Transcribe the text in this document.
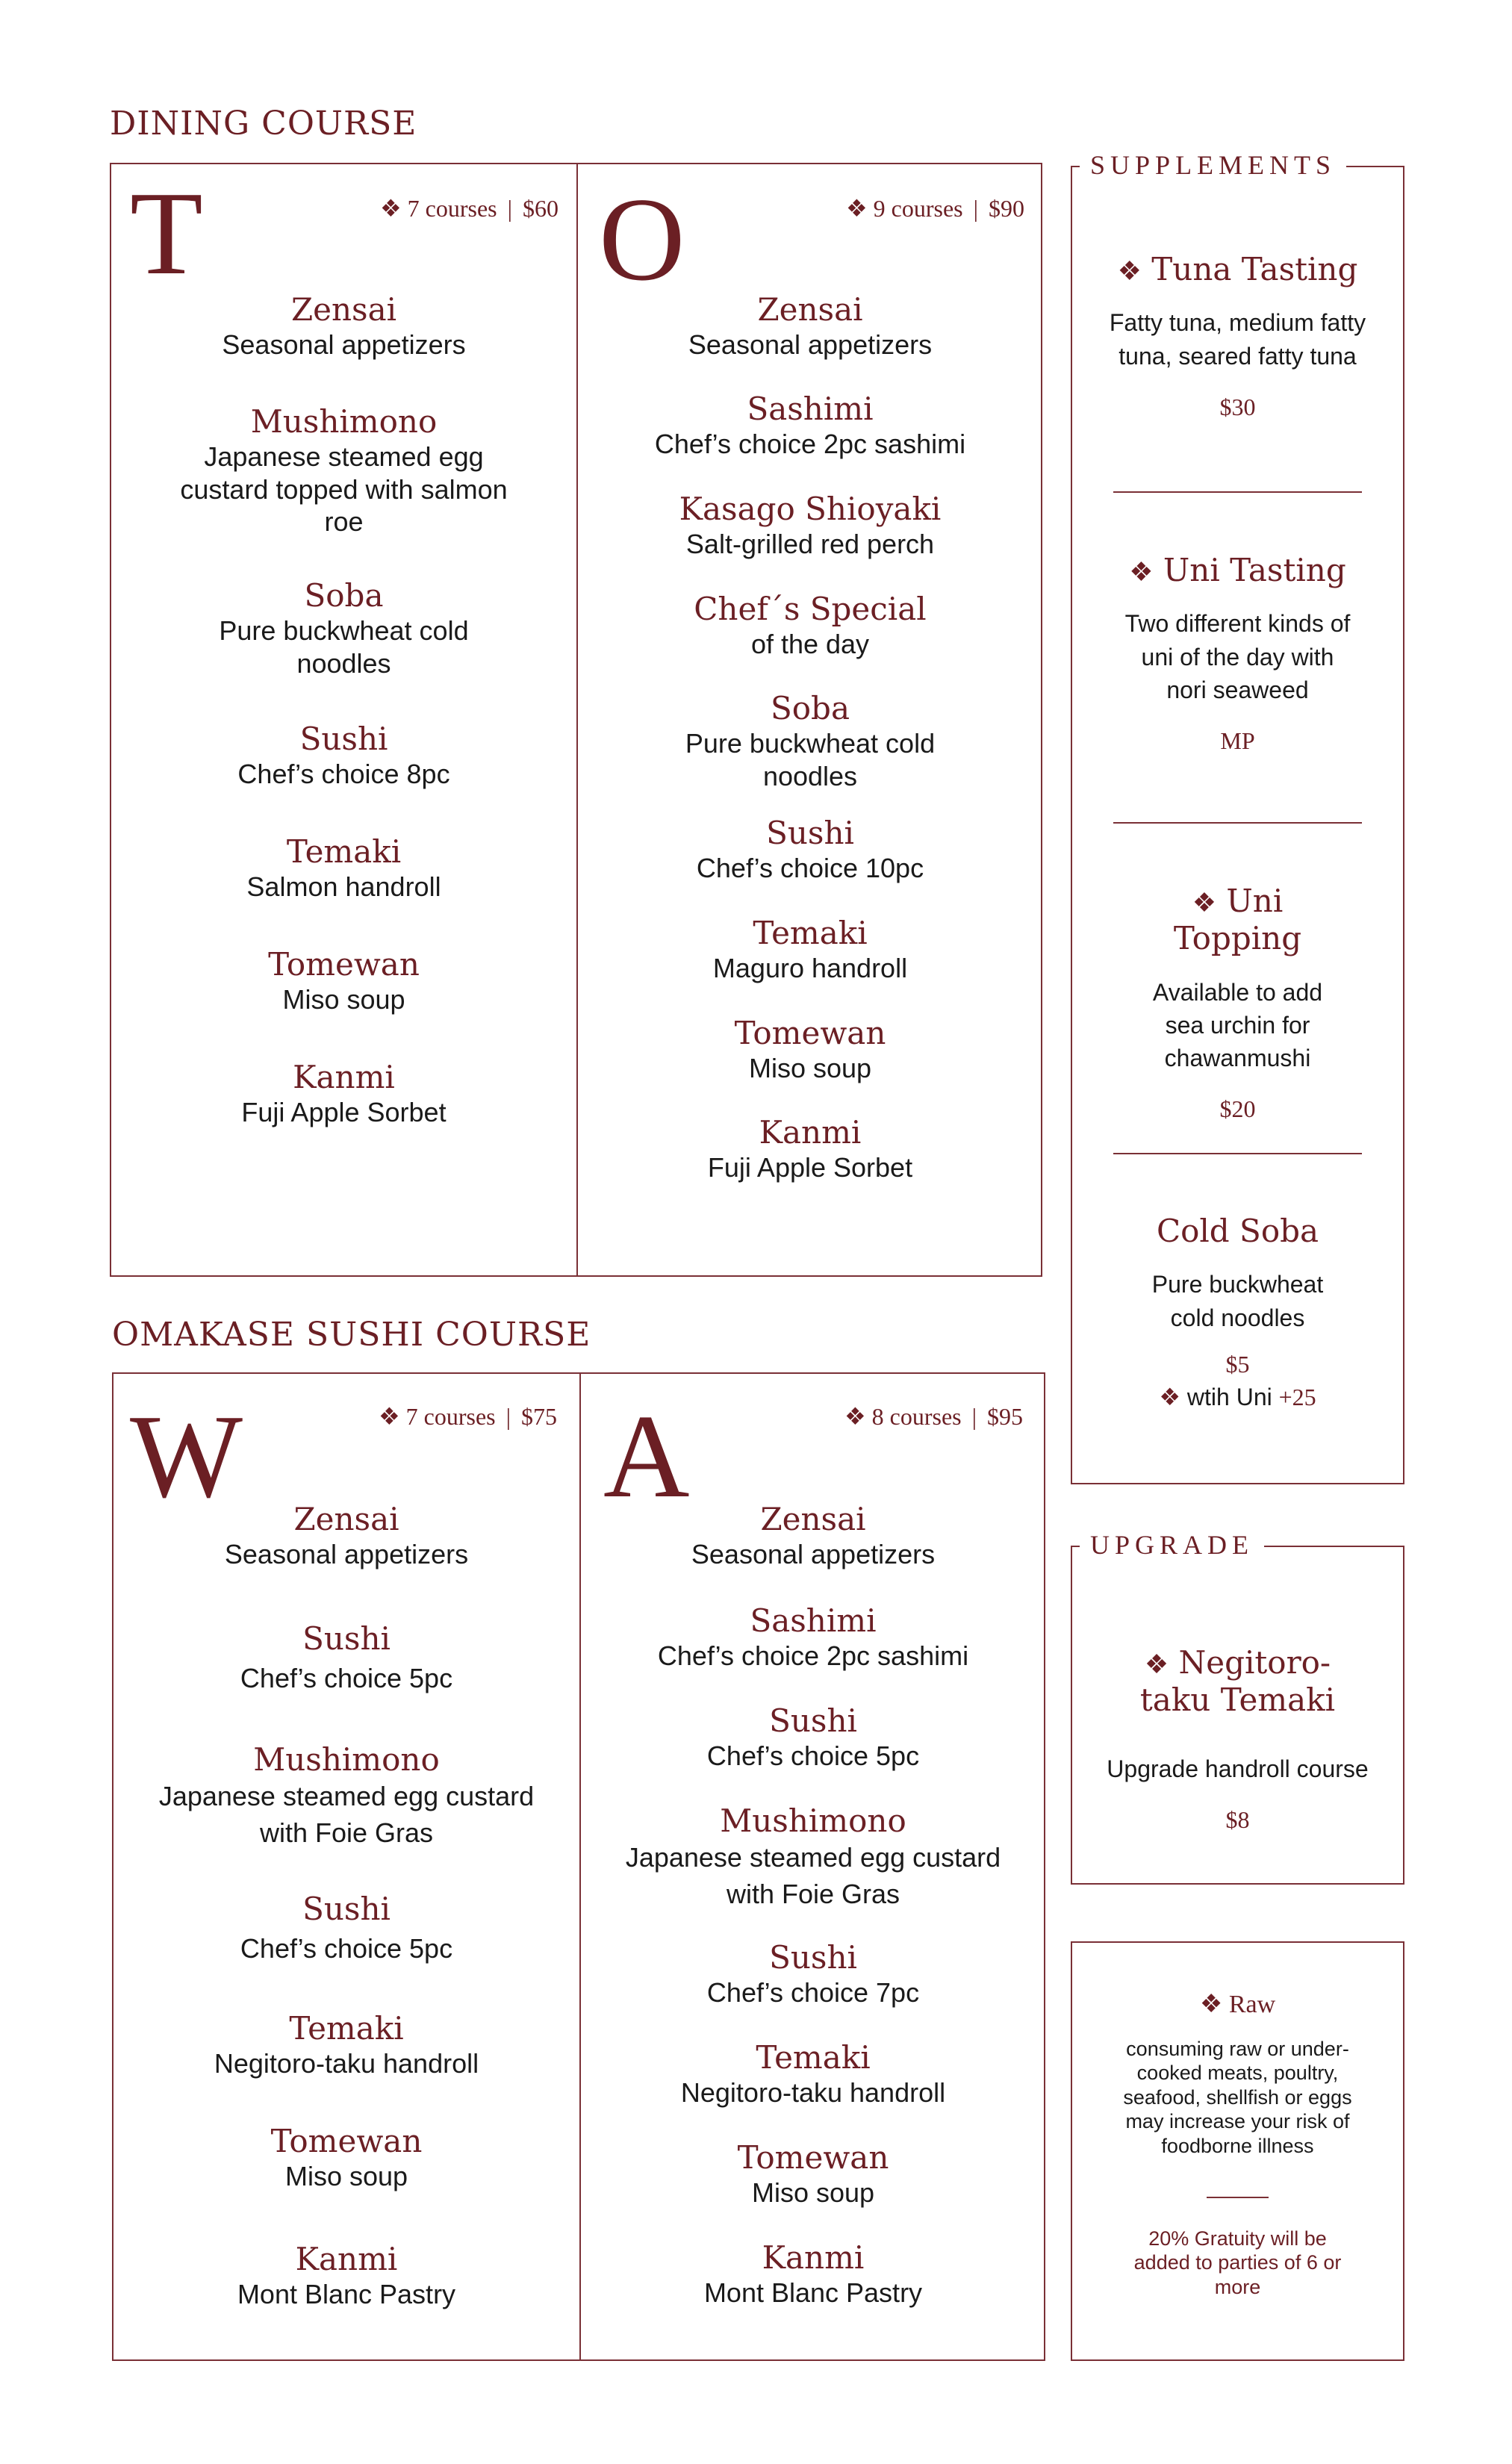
DINING COURSE
T	❖ 7 courses | $60
Zensai
Seasonal appetizers
Mushimono
Japanese steamed egg custard topped with salmon roe
Soba
Pure buckwheat cold noodles
Sushi
Chef’s choice 8pc
Temaki
Salmon handroll
Tomewan
Miso soup
Kanmi
Fuji Apple Sorbet
O	❖ 9 courses | $90
Zensai
Seasonal appetizers
Sashimi
Chef’s choice 2pc sashimi
Kasago Shioyaki
Salt-grilled red perch
Chef´s Special
of the day
Soba
Pure buckwheat cold noodles
Sushi
Chef’s choice 10pc
Temaki
Maguro handroll
Tomewan
Miso soup
Kanmi
Fuji Apple Sorbet
OMAKASE SUSHI COURSE
W	❖ 7 courses | $75
Zensai
Seasonal appetizers
Sushi
Chef’s choice 5pc
Mushimono
Japanese steamed egg custard with Foie Gras
Sushi
Chef’s choice 5pc
Temaki
Negitoro-taku handroll
Tomewan
Miso soup
Kanmi
Mont Blanc Pastry
A	❖ 8 courses | $95
Zensai
Seasonal appetizers
Sashimi
Chef’s choice 2pc sashimi
Sushi
Chef’s choice 5pc
Mushimono
Japanese steamed egg custard with Foie Gras
Sushi
Chef’s choice 7pc
Temaki
Negitoro-taku handroll
Tomewan
Miso soup
Kanmi
Mont Blanc Pastry
SUPPLEMENTS
❖ Tuna Tasting
Fatty tuna, medium fatty tuna, seared fatty tuna
$30
❖ Uni Tasting
Two different kinds of uni of the day with nori seaweed
MP
❖ Uni Topping
Available to add sea urchin for chawanmushi
$20
Cold Soba
Pure buckwheat cold noodles
$5
❖ wtih Uni +25
UPGRADE
❖ Negitoro-taku Temaki
Upgrade handroll course
$8
❖ Raw
consuming raw or under-cooked meats, poultry, seafood, shellfish or eggs may increase your risk of foodborne illness
20% Gratuity will be added to parties of 6 or more
